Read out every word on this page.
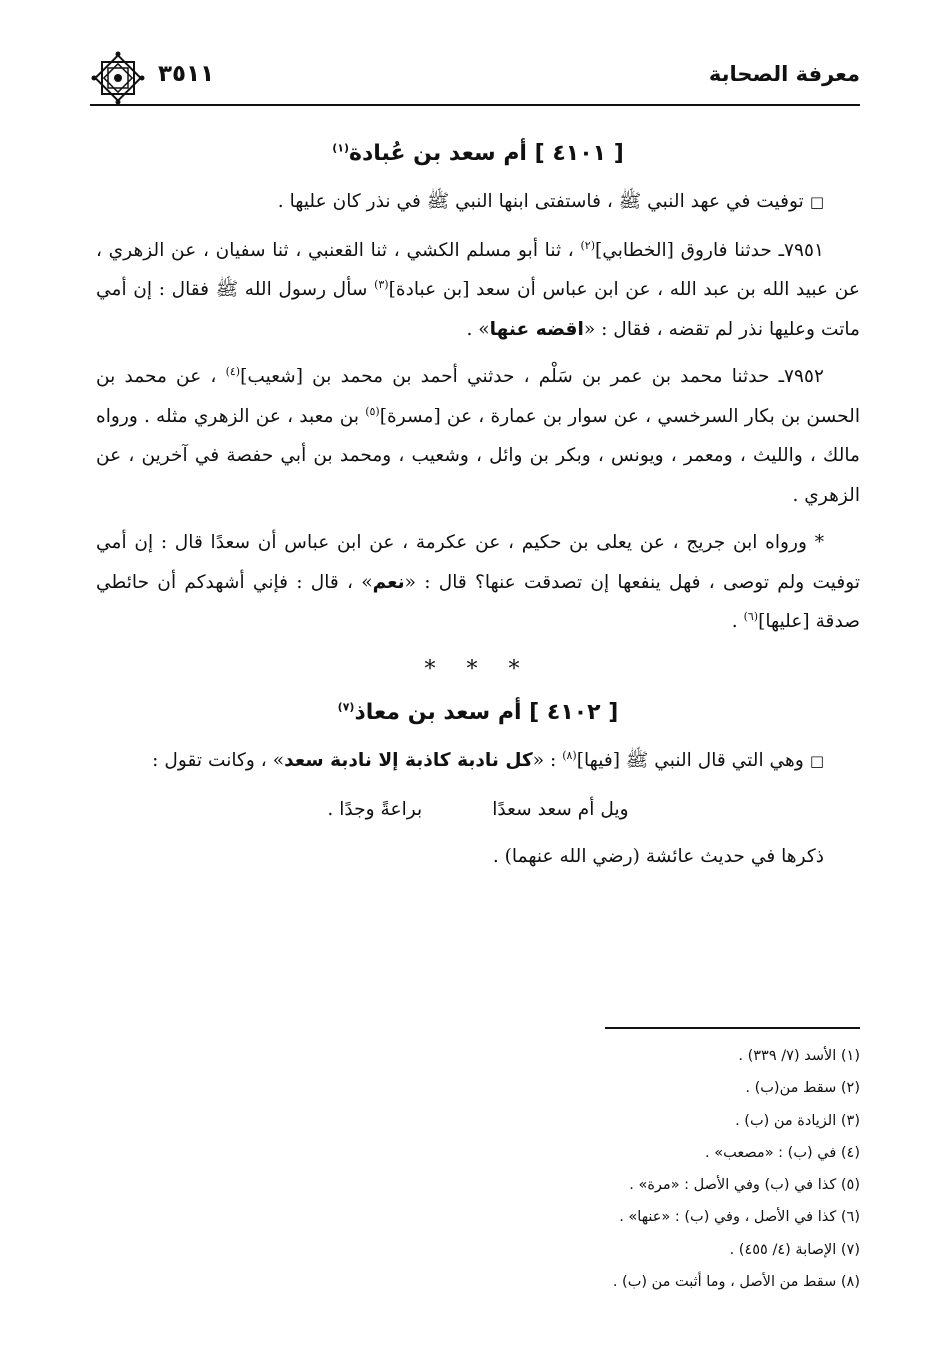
معرفة الصحابة
٣٥١١
[ ٤١٠١ ] أم سعد بن عُبادة$^{(١)}$

□توفيت في عهد النبي ﷺ ، فاستفتى ابنها النبي ﷺ في نذر كان عليها .

٧٩٥١ـ حدثنا فاروق [الخطابي]$^{(٢)}$ ، ثنا أبو مسلم الكشي ، ثنا القعنبي ، ثنا سفيان ، عن الزهري ، عن عبيد الله بن عبد الله ، عن ابن عباس أن سعد [بن عبادة]$^{(٣)}$ سأل رسول الله ﷺ فقال : إن أمي ماتت وعليها نذر لم تقضه ، فقال : «اقضه عنها» .

٧٩٥٢ـ حدثنا محمد بن عمر بن سَلْم ، حدثني أحمد بن محمد بن [شعيب]$^{(٤)}$ ، عن محمد بن الحسن بن بكار السرخسي ، عن سوار بن عمارة ، عن [مسرة]$^{(٥)}$ بن معبد ، عن الزهري مثله . ورواه مالك ، والليث ، ومعمر ، ويونس ، وبكر بن وائل ، وشعيب ، ومحمد بن أبي حفصة في آخرين ، عن الزهري .

* ورواه ابن جريج ، عن يعلى بن حكيم ، عن عكرمة ، عن ابن عباس أن سعدًا قال : إن أمي توفيت ولم توصى ، فهل ينفعها إن تصدقت عنها؟ قال : «نعم» ، قال : فإني أشهدكم أن حائطي صدقة [عليها]$^{(٦)}$ .

* * *
[ ٤١٠٢ ] أم سعد بن معاذ$^{(٧)}$

□وهي التي قال النبي ﷺ [فيها]$^{(٨)}$ : «كل نادبة كاذبة إلا نادبة سعد» ، وكانت تقول :

ويل أم سعد سعدًا
براعةً وجدًا .

ذكرها في حديث عائشة (رضي الله عنهما) .

(١) الأسد (٧/ ٣٣٩) .
(٢) سقط من(ب) .
(٣) الزيادة من (ب) .
(٤) في (ب) : «مصعب» .
(٥) كذا في (ب) وفي الأصل : «مرة» .
(٦) كذا في الأصل ، وفي (ب) : «عنها» .
(٧) الإصابة (٤/ ٤٥٥) .
(٨) سقط من الأصل ، وما أثبت من (ب) .
